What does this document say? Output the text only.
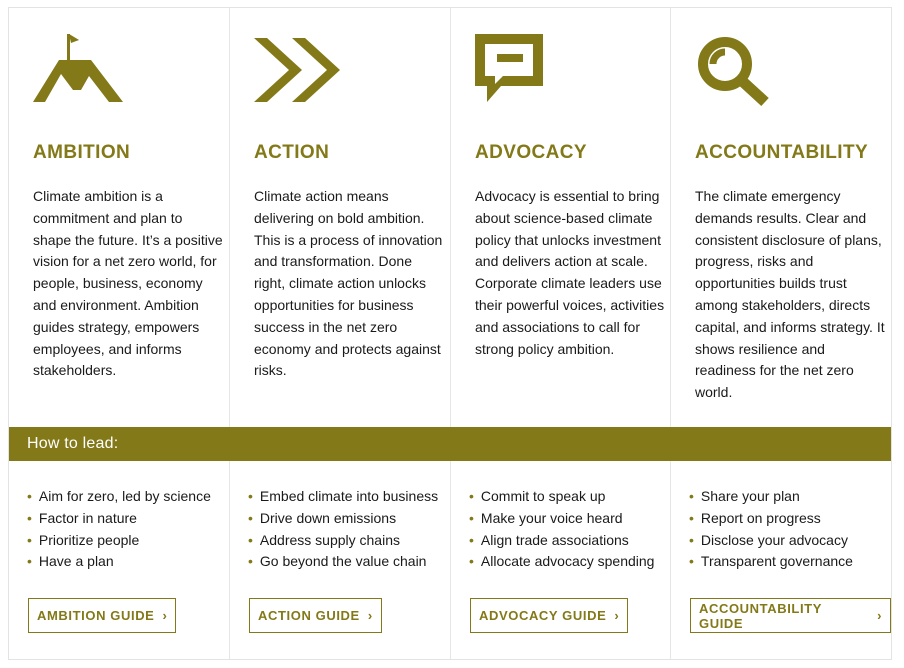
AMBITION
Climate ambition is a commitment and plan to shape the future. It’s a positive vision for a net zero world, for people, business, economy and environment. Ambition guides strategy, empowers employees, and informs stakeholders.
• Aim for zero, led by science
• Factor in nature
• Prioritize people
• Have a plan
AMBITION GUIDE ›
ACTION
Climate action means delivering on bold ambition. This is a process of innovation and transformation. Done right, climate action unlocks opportunities for business success in the net zero economy and protects against risks.
• Embed climate into business
• Drive down emissions
• Address supply chains
• Go beyond the value chain
ACTION GUIDE ›
ADVOCACY
Advocacy is essential to bring about science-based climate policy that unlocks investment and delivers action at scale. Corporate climate leaders use their powerful voices, activities and associations to call for strong policy ambition.
• Commit to speak up
• Make your voice heard
• Align trade associations
• Allocate advocacy spending
ADVOCACY GUIDE ›
ACCOUNTABILITY
The climate emergency demands results. Clear and consistent disclosure of plans, progress, risks and opportunities builds trust among stakeholders, directs capital, and informs strategy. It shows resilience and readiness for the net zero world.
• Share your plan
• Report on progress
• Disclose your advocacy
• Transparent governance
ACCOUNTABILITY GUIDE	›
How to lead:
